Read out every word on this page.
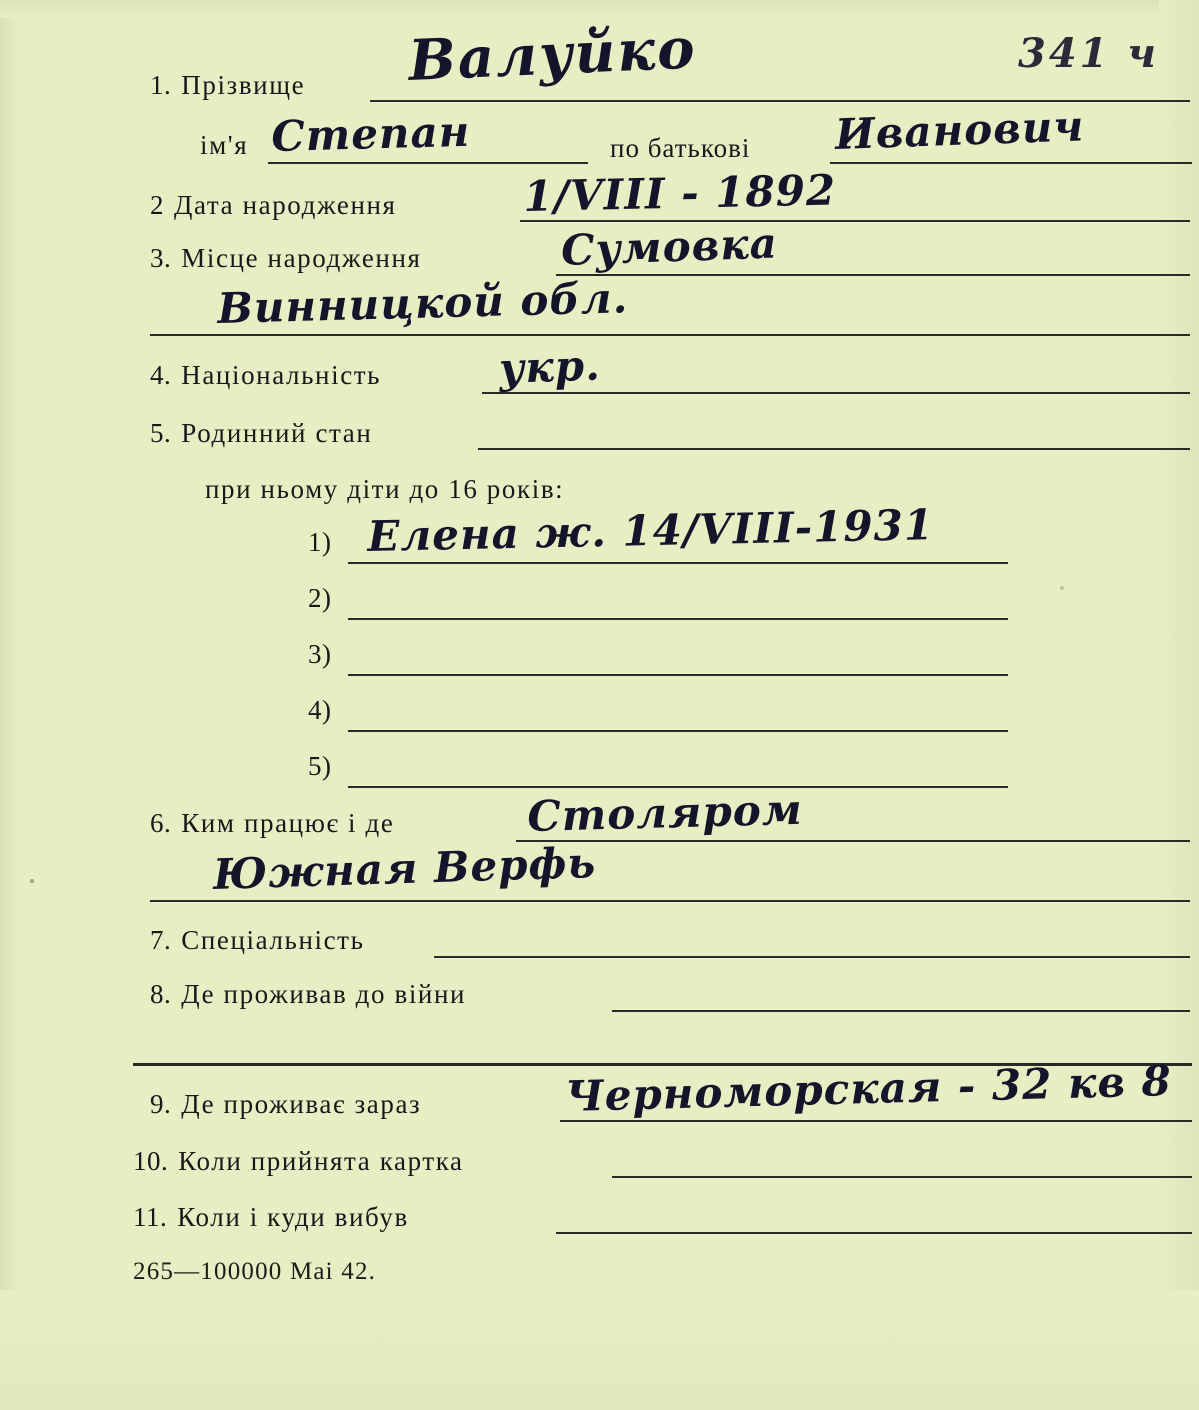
341 ч
1. Прізвище Валуйко
ім'я Степан	по батькові Иванович
2 Дата народження	1/VIII - 1892
3. Місце народження	Сумовка
Винницкой обл.
4. Національність	укр.
5. Родинний стан
при ньому діти до 16 років:
1) Елена ж. 14/VIII-1931
2)
3)
4)
5)
6. Ким працює і де	Столяром
Южная Верфь
7. Спеціальність
8. Де проживав до війни
9. Де проживає зараз	Черноморская - 32 кв 8
10. Коли прийнята картка
11. Коли і куди вибув
265—100000 Mai 42.
